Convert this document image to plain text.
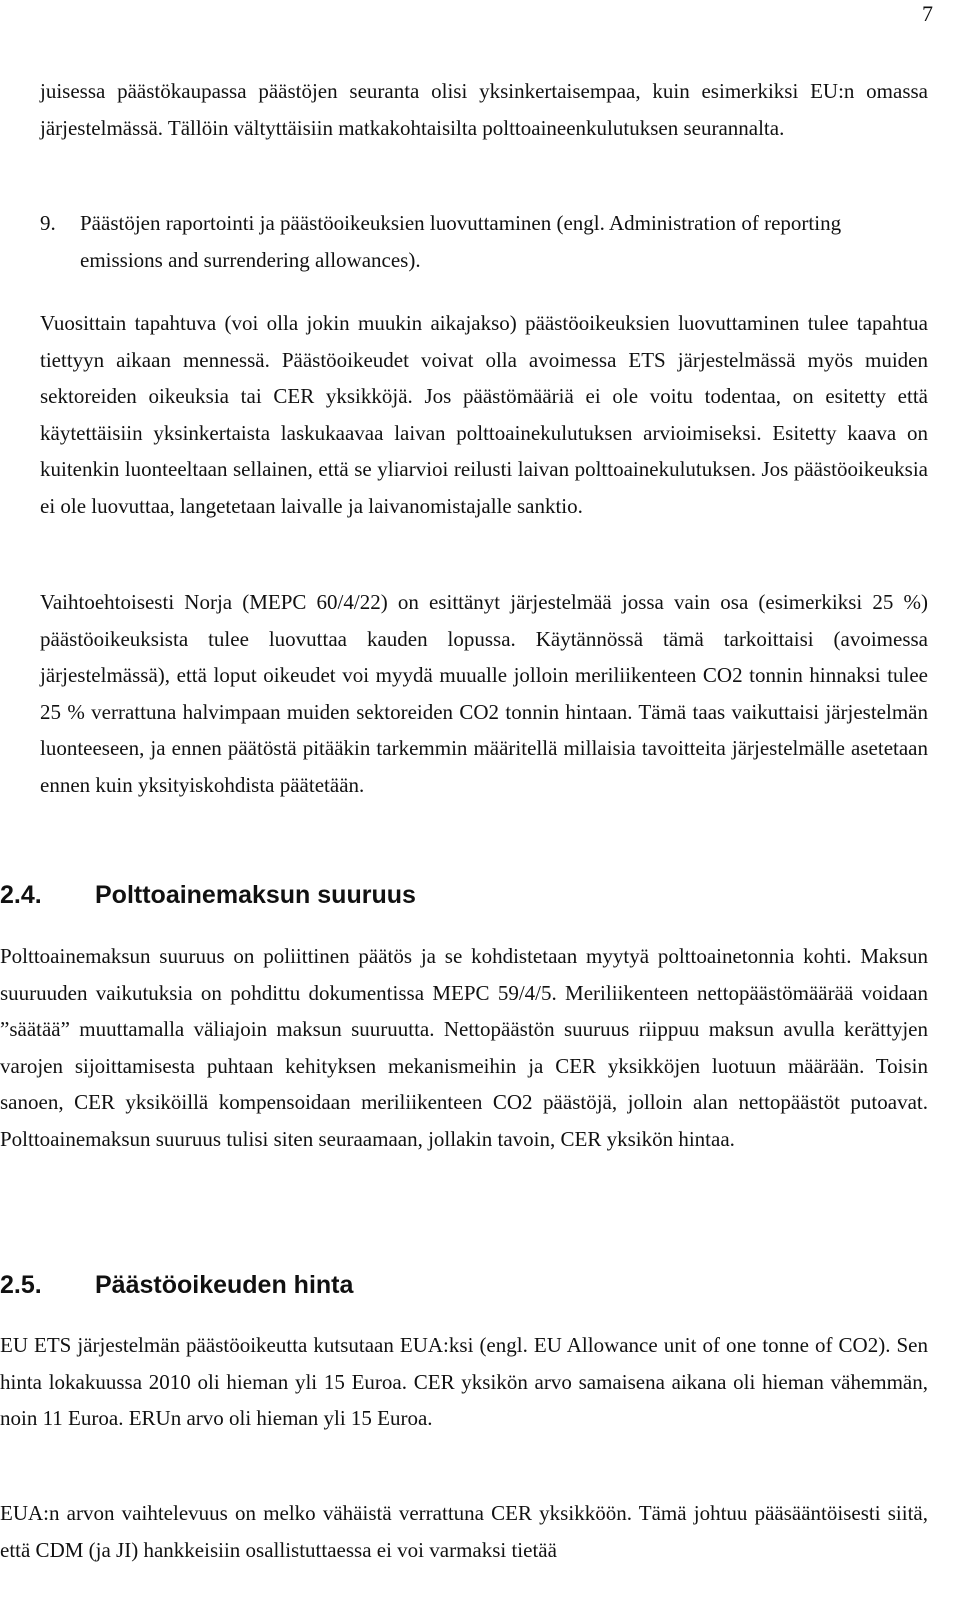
7
juisessa päästökaupassa päästöjen seuranta olisi yksinkertaisempaa, kuin esimerkiksi EU:n omassa järjestelmässä. Tällöin vältyttäisiin matkakohtaisilta polttoaineenkulutuksen seurannalta.
9.	Päästöjen raportointi ja päästöoikeuksien luovuttaminen (engl. Administration of reporting emissions and surrendering allowances).
Vuosittain tapahtuva (voi olla jokin muukin aikajakso) päästöoikeuksien luovuttaminen tulee tapahtua tiettyyn aikaan mennessä. Päästöoikeudet voivat olla avoimessa ETS järjestelmässä myös muiden sektoreiden oikeuksia tai CER yksikköjä. Jos päästömääriä ei ole voitu todentaa, on esitetty että käytettäisiin yksinkertaista laskukaavaa laivan polttoainekulutuksen arvioimiseksi. Esitetty kaava on kuitenkin luonteeltaan sellainen, että se yliarvioi reilusti laivan polttoainekulutuksen. Jos päästöoikeuksia ei ole luovuttaa, langetetaan laivalle ja laivanomistajalle sanktio.
Vaihtoehtoisesti Norja (MEPC 60/4/22) on esittänyt järjestelmää jossa vain osa (esimerkiksi 25 %) päästöoikeuksista tulee luovuttaa kauden lopussa. Käytännössä tämä tarkoittaisi (avoimessa järjestelmässä), että loput oikeudet voi myydä muualle jolloin meriliikenteen CO2 tonnin hinnaksi tulee 25 % verrattuna halvimpaan muiden sektoreiden CO2 tonnin hintaan. Tämä taas vaikuttaisi järjestelmän luonteeseen, ja ennen päätöstä pitääkin tarkemmin määritellä millaisia tavoitteita järjestelmälle asetetaan ennen kuin yksityiskohdista päätetään.
2.4. Polttoainemaksun suuruus
Polttoainemaksun suuruus on poliittinen päätös ja se kohdistetaan myytyä polttoainetonnia kohti. Maksun suuruuden vaikutuksia on pohdittu dokumentissa MEPC 59/4/5. Meriliikenteen nettopäästömäärää voidaan ”säätää” muuttamalla väliajoin maksun suuruutta. Nettopäästön suuruus riippuu maksun avulla kerättyjen varojen sijoittamisesta puhtaan kehityksen mekanismeihin ja CER yksikköjen luotuun määrään. Toisin sanoen, CER yksiköillä kompensoidaan meriliikenteen CO2 päästöjä, jolloin alan nettopäästöt putoavat. Polttoainemaksun suuruus tulisi siten seuraamaan, jollakin tavoin, CER yksikön hintaa.
2.5. Päästöoikeuden hinta
EU ETS järjestelmän päästöoikeutta kutsutaan EUA:ksi (engl. EU Allowance unit of one tonne of CO2). Sen hinta lokakuussa 2010 oli hieman yli 15 Euroa. CER yksikön arvo samaisena aikana oli hieman vähemmän, noin 11 Euroa. ERUn arvo oli hieman yli 15 Euroa.
EUA:n arvon vaihtelevuus on melko vähäistä verrattuna CER yksikköön. Tämä johtuu pääsääntöisesti siitä, että CDM (ja JI) hankkeisiin osallistuttaessa ei voi varmaksi tietää
